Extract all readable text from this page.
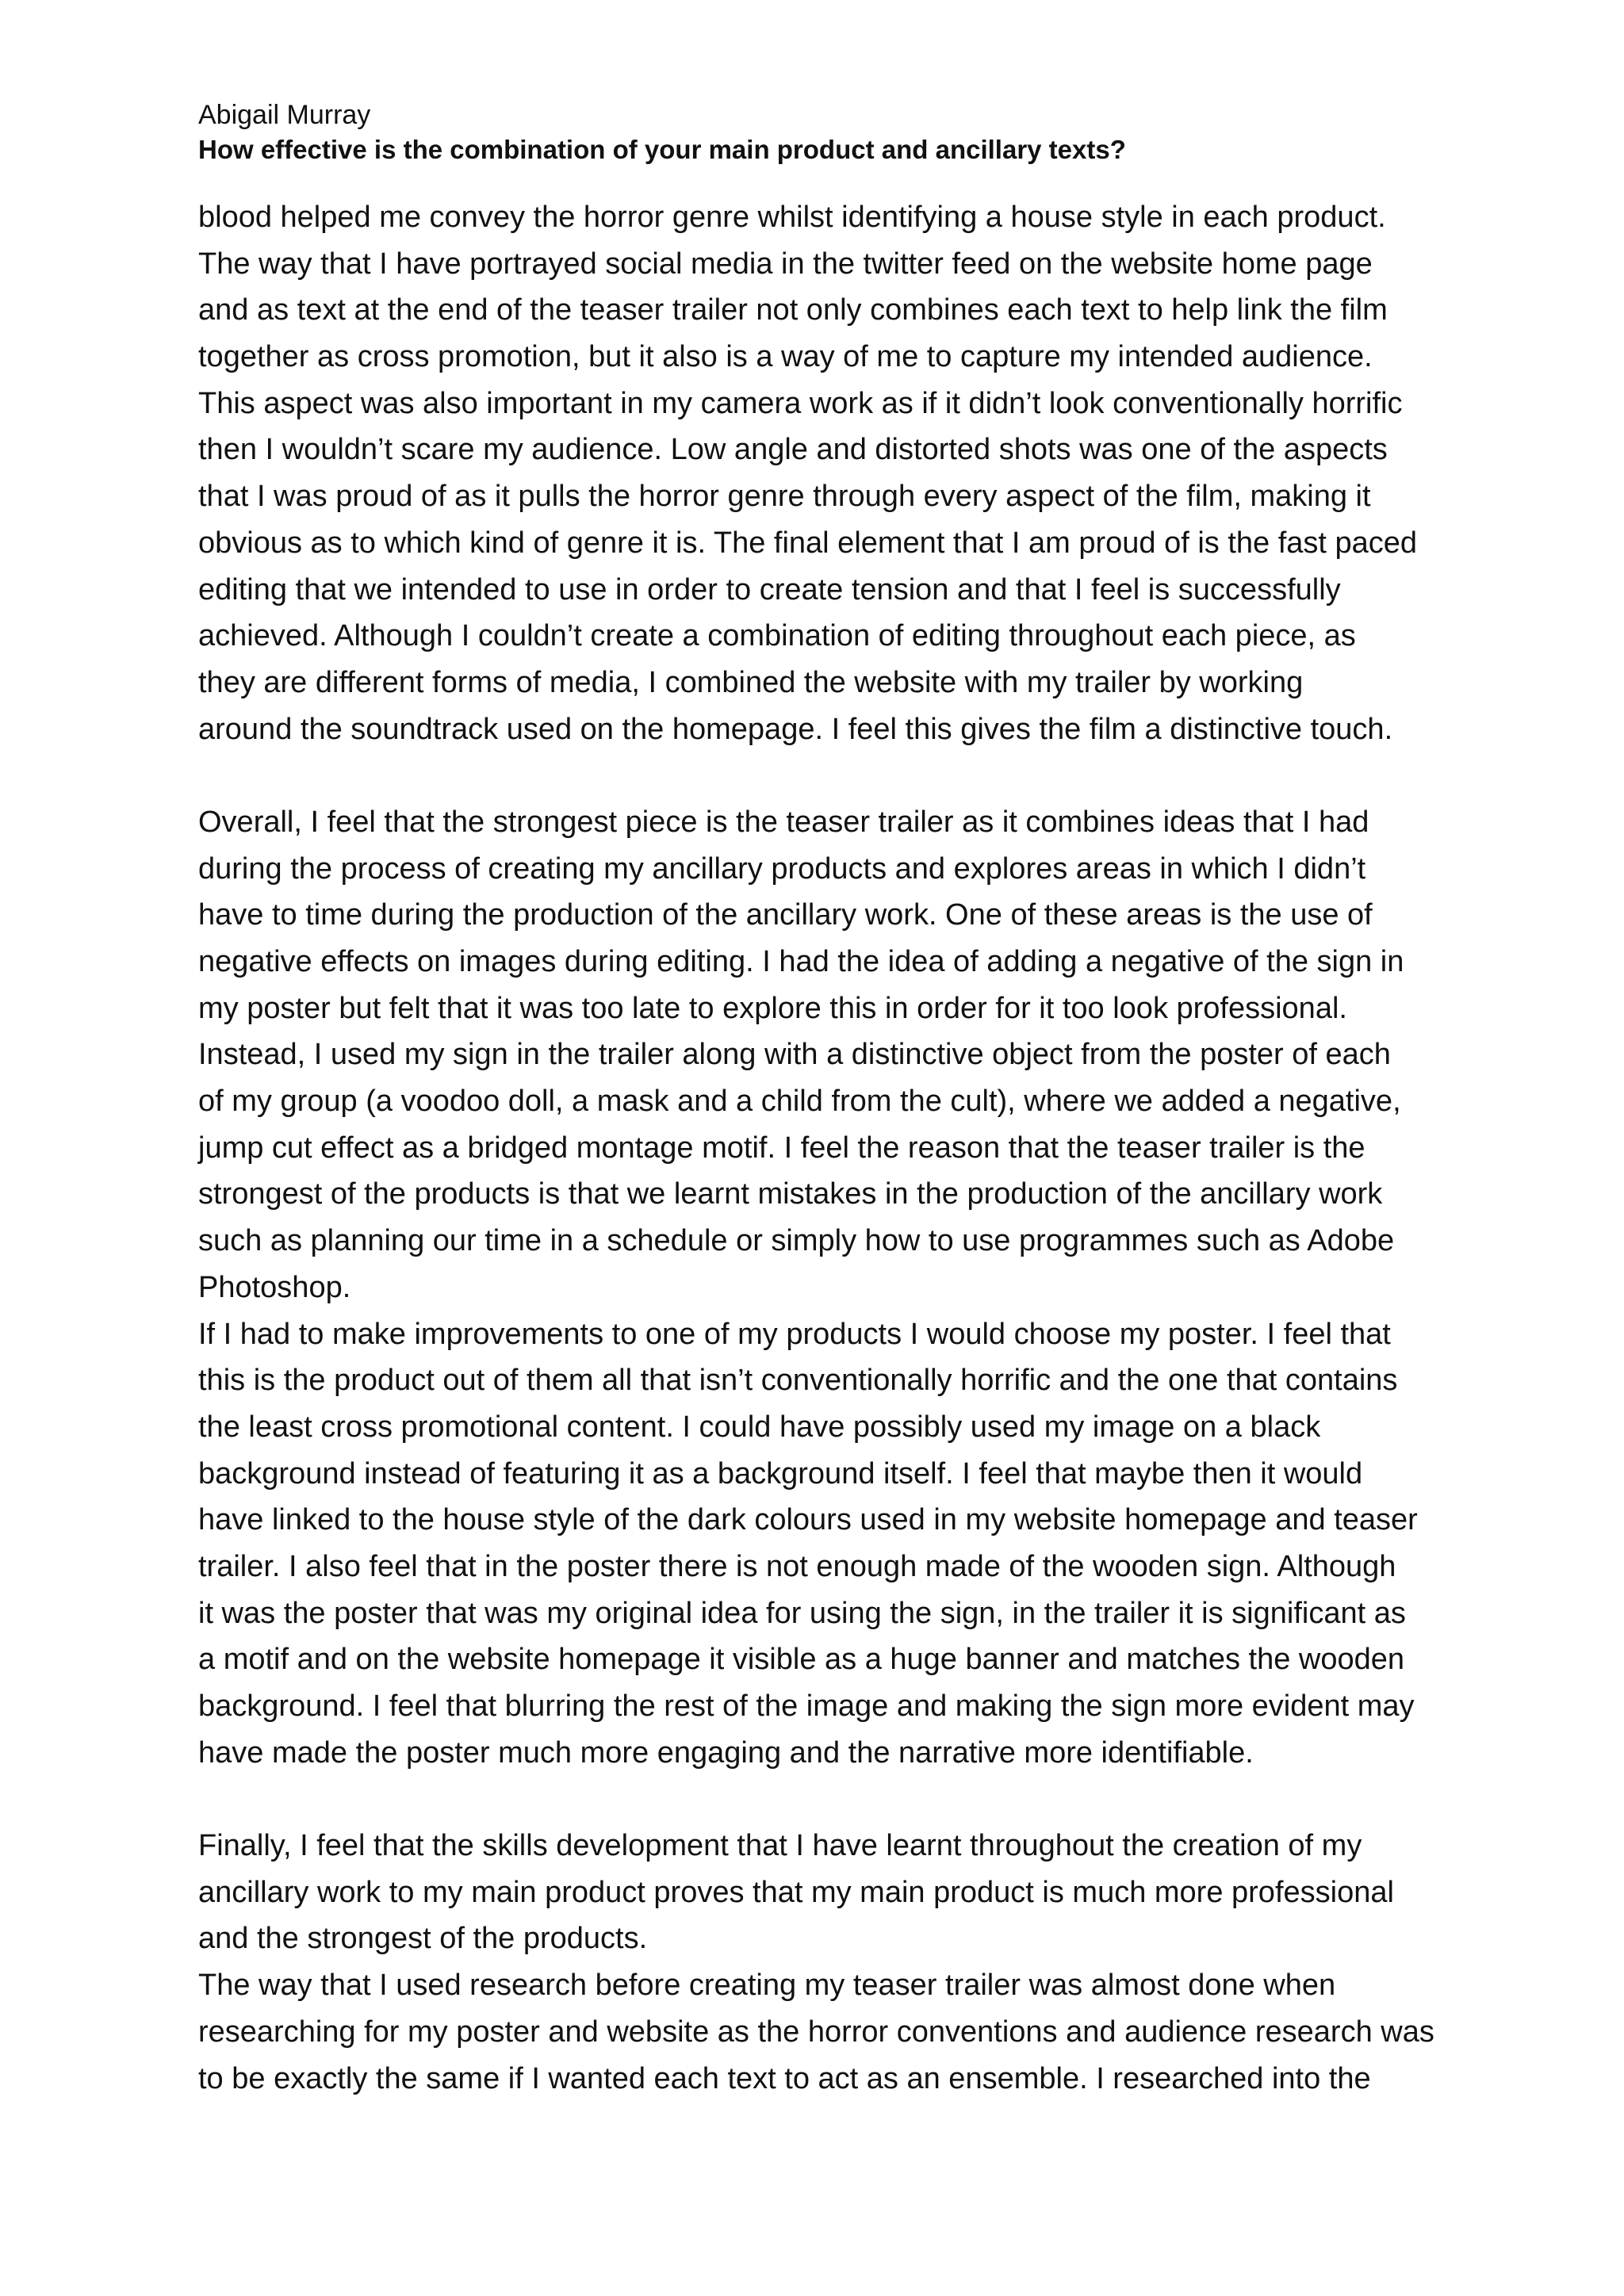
Abigail Murray
How effective is the combination of your main product and ancillary texts?
blood helped me convey the horror genre whilst identifying a house style in each product.
The way that I have portrayed social media in the twitter feed on the website home page
and as text at the end of the teaser trailer not only combines each text to help link the film
together as cross promotion, but it also is a way of me to capture my intended audience.
This aspect was also important in my camera work as if it didn’t look conventionally horrific
then I wouldn’t scare my audience. Low angle and distorted shots was one of the aspects
that I was proud of as it pulls the horror genre through every aspect of the film, making it
obvious as to which kind of genre it is. The final element that I am proud of is the fast paced
editing that we intended to use in order to create tension and that I feel is successfully
achieved. Although I couldn’t create a combination of editing throughout each piece, as
they are different forms of media, I combined the website with my trailer by working
around the soundtrack used on the homepage. I feel this gives the film a distinctive touch.
Overall, I feel that the strongest piece is the teaser trailer as it combines ideas that I had
during the process of creating my ancillary products and explores areas in which I didn’t
have to time during the production of the ancillary work. One of these areas is the use of
negative effects on images during editing. I had the idea of adding a negative of the sign in
my poster but felt that it was too late to explore this in order for it too look professional.
Instead, I used my sign in the trailer along with a distinctive object from the poster of each
of my group (a voodoo doll, a mask and a child from the cult), where we added a negative,
jump cut effect as a bridged montage motif. I feel the reason that the teaser trailer is the
strongest of the products is that we learnt mistakes in the production of the ancillary work
such as planning our time in a schedule or simply how to use programmes such as Adobe
Photoshop.
If I had to make improvements to one of my products I would choose my poster. I feel that
this is the product out of them all that isn’t conventionally horrific and the one that contains
the least cross promotional content. I could have possibly used my image on a black
background instead of featuring it as a background itself. I feel that maybe then it would
have linked to the house style of the dark colours used in my website homepage and teaser
trailer. I also feel that in the poster there is not enough made of the wooden sign. Although
it was the poster that was my original idea for using the sign, in the trailer it is significant as
a motif and on the website homepage it visible as a huge banner and matches the wooden
background. I feel that blurring the rest of the image and making the sign more evident may
have made the poster much more engaging and the narrative more identifiable.
Finally, I feel that the skills development that I have learnt throughout the creation of my
ancillary work to my main product proves that my main product is much more professional
and the strongest of the products.
The way that I used research before creating my teaser trailer was almost done when
researching for my poster and website as the horror conventions and audience research was
to be exactly the same if I wanted each text to act as an ensemble. I researched into the
